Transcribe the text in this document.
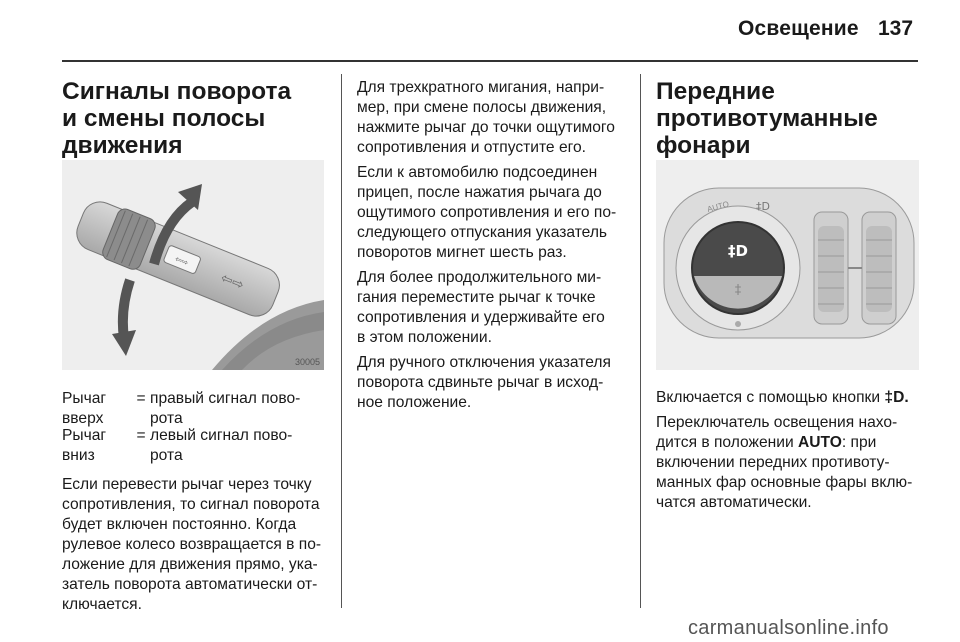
Освещение 137
Сигналы поворота
и смены полосы
движения
⇦⇨
⇦⇨
30005
Рычаг
вверх
= правый сигнал пово-
рота
Рычаг
вниз
= левый сигнал пово-
рота
Если перевести рычаг через точку
сопротивления, то сигнал поворота
будет включен постоянно. Когда
рулевое колесо возвращается в по-
ложение для движения прямо, ука-
затель поворота автоматически от-
ключается.

Для трехкратного мигания, напри-
мер, при смене полосы движения,
нажмите рычаг до точки ощутимого
сопротивления и отпустите его.

Если к автомобилю подсоединен
прицеп, после нажатия рычага до
ощутимого сопротивления и его по-
следующего отпускания указатель
поворотов мигнет шесть раз.

Для более продолжительного ми-
гания переместите рычаг к точке
сопротивления и удерживайте его
в этом положении.

Для ручного отключения указателя
поворота сдвиньте рычаг в исход-
ное положение.

Передние
противотуманные
фонари
‡D
‡
AUTO ‡D

Включается с помощью кнопки ‡D.

Переключатель освещения нахо-
дится в положении AUTO: при
включении передних противоту-
манных фар основные фары вклю-
чатся автоматически.

carmanualsonline.info
